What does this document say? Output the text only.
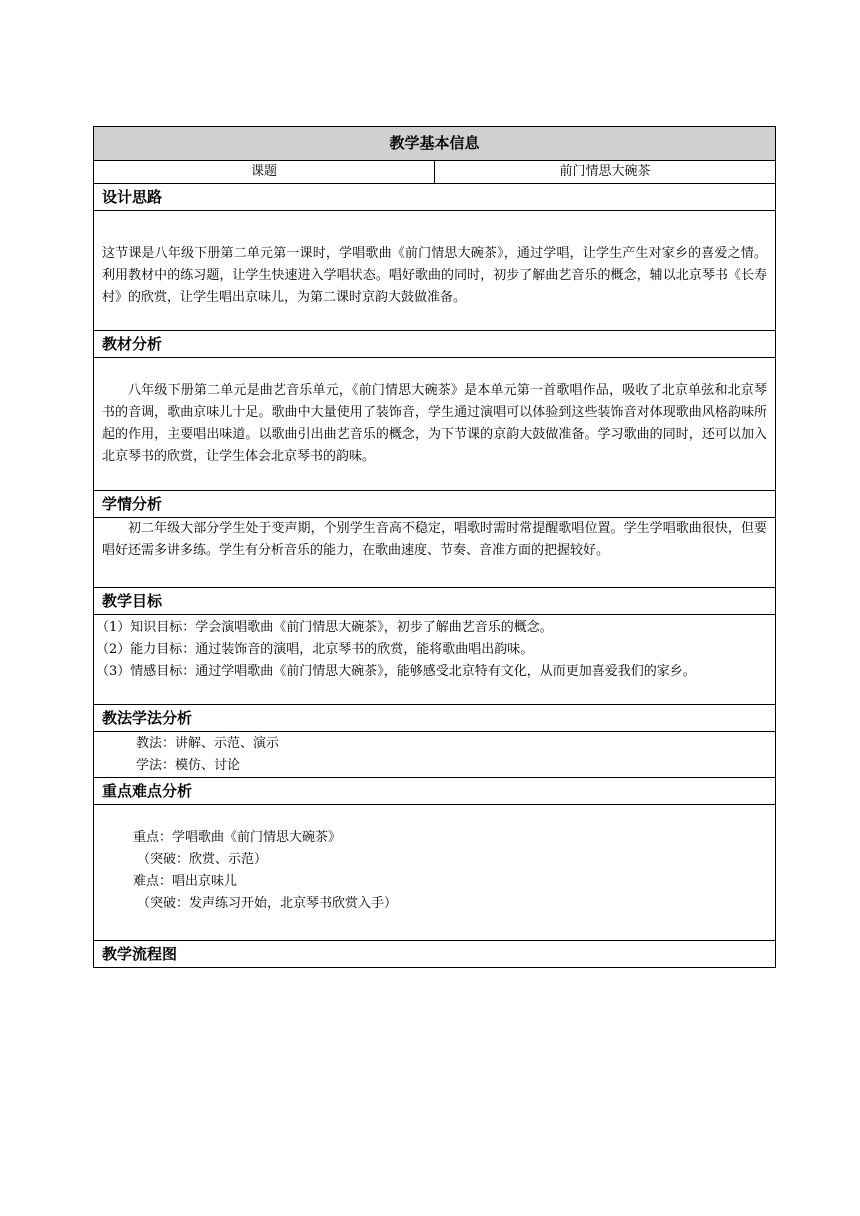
教学基本信息
课题	前门情思大碗茶
设计思路

这节课是八年级下册第二单元第一课时，学唱歌曲《前门情思大碗茶》，通过学唱，让学生产生对家乡的喜爱之情。利用教材中的练习题，让学生快速进入学唱状态。唱好歌曲的同时，初步了解曲艺音乐的概念，辅以北京琴书《长寿村》的欣赏，让学生唱出京味儿，为第二课时京韵大鼓做准备。

教材分析

八年级下册第二单元是曲艺音乐单元，《前门情思大碗茶》是本单元第一首歌唱作品，吸收了北京单弦和北京琴书的音调，歌曲京味儿十足。歌曲中大量使用了装饰音，学生通过演唱可以体验到这些装饰音对体现歌曲风格韵味所起的作用，主要唱出味道。以歌曲引出曲艺音乐的概念，为下节课的京韵大鼓做准备。学习歌曲的同时，还可以加入北京琴书的欣赏，让学生体会北京琴书的韵味。

学情分析

初二年级大部分学生处于变声期，个别学生音高不稳定，唱歌时需时常提醒歌唱位置。学生学唱歌曲很快，但要唱好还需多讲多练。学生有分析音乐的能力，在歌曲速度、节奏、音准方面的把握较好。

教学目标

（1）知识目标：学会演唱歌曲《前门情思大碗茶》，初步了解曲艺音乐的概念。

（2）能力目标：通过装饰音的演唱，北京琴书的欣赏，能将歌曲唱出韵味。

（3）情感目标：通过学唱歌曲《前门情思大碗茶》，能够感受北京特有文化，从而更加喜爱我们的家乡。

教法学法分析

教法：讲解、示范、演示

学法：模仿、讨论

重点难点分析

重点：学唱歌曲《前门情思大碗茶》

（突破：欣赏、示范）

难点：唱出京味儿

（突破：发声练习开始，北京琴书欣赏入手）

教学流程图
